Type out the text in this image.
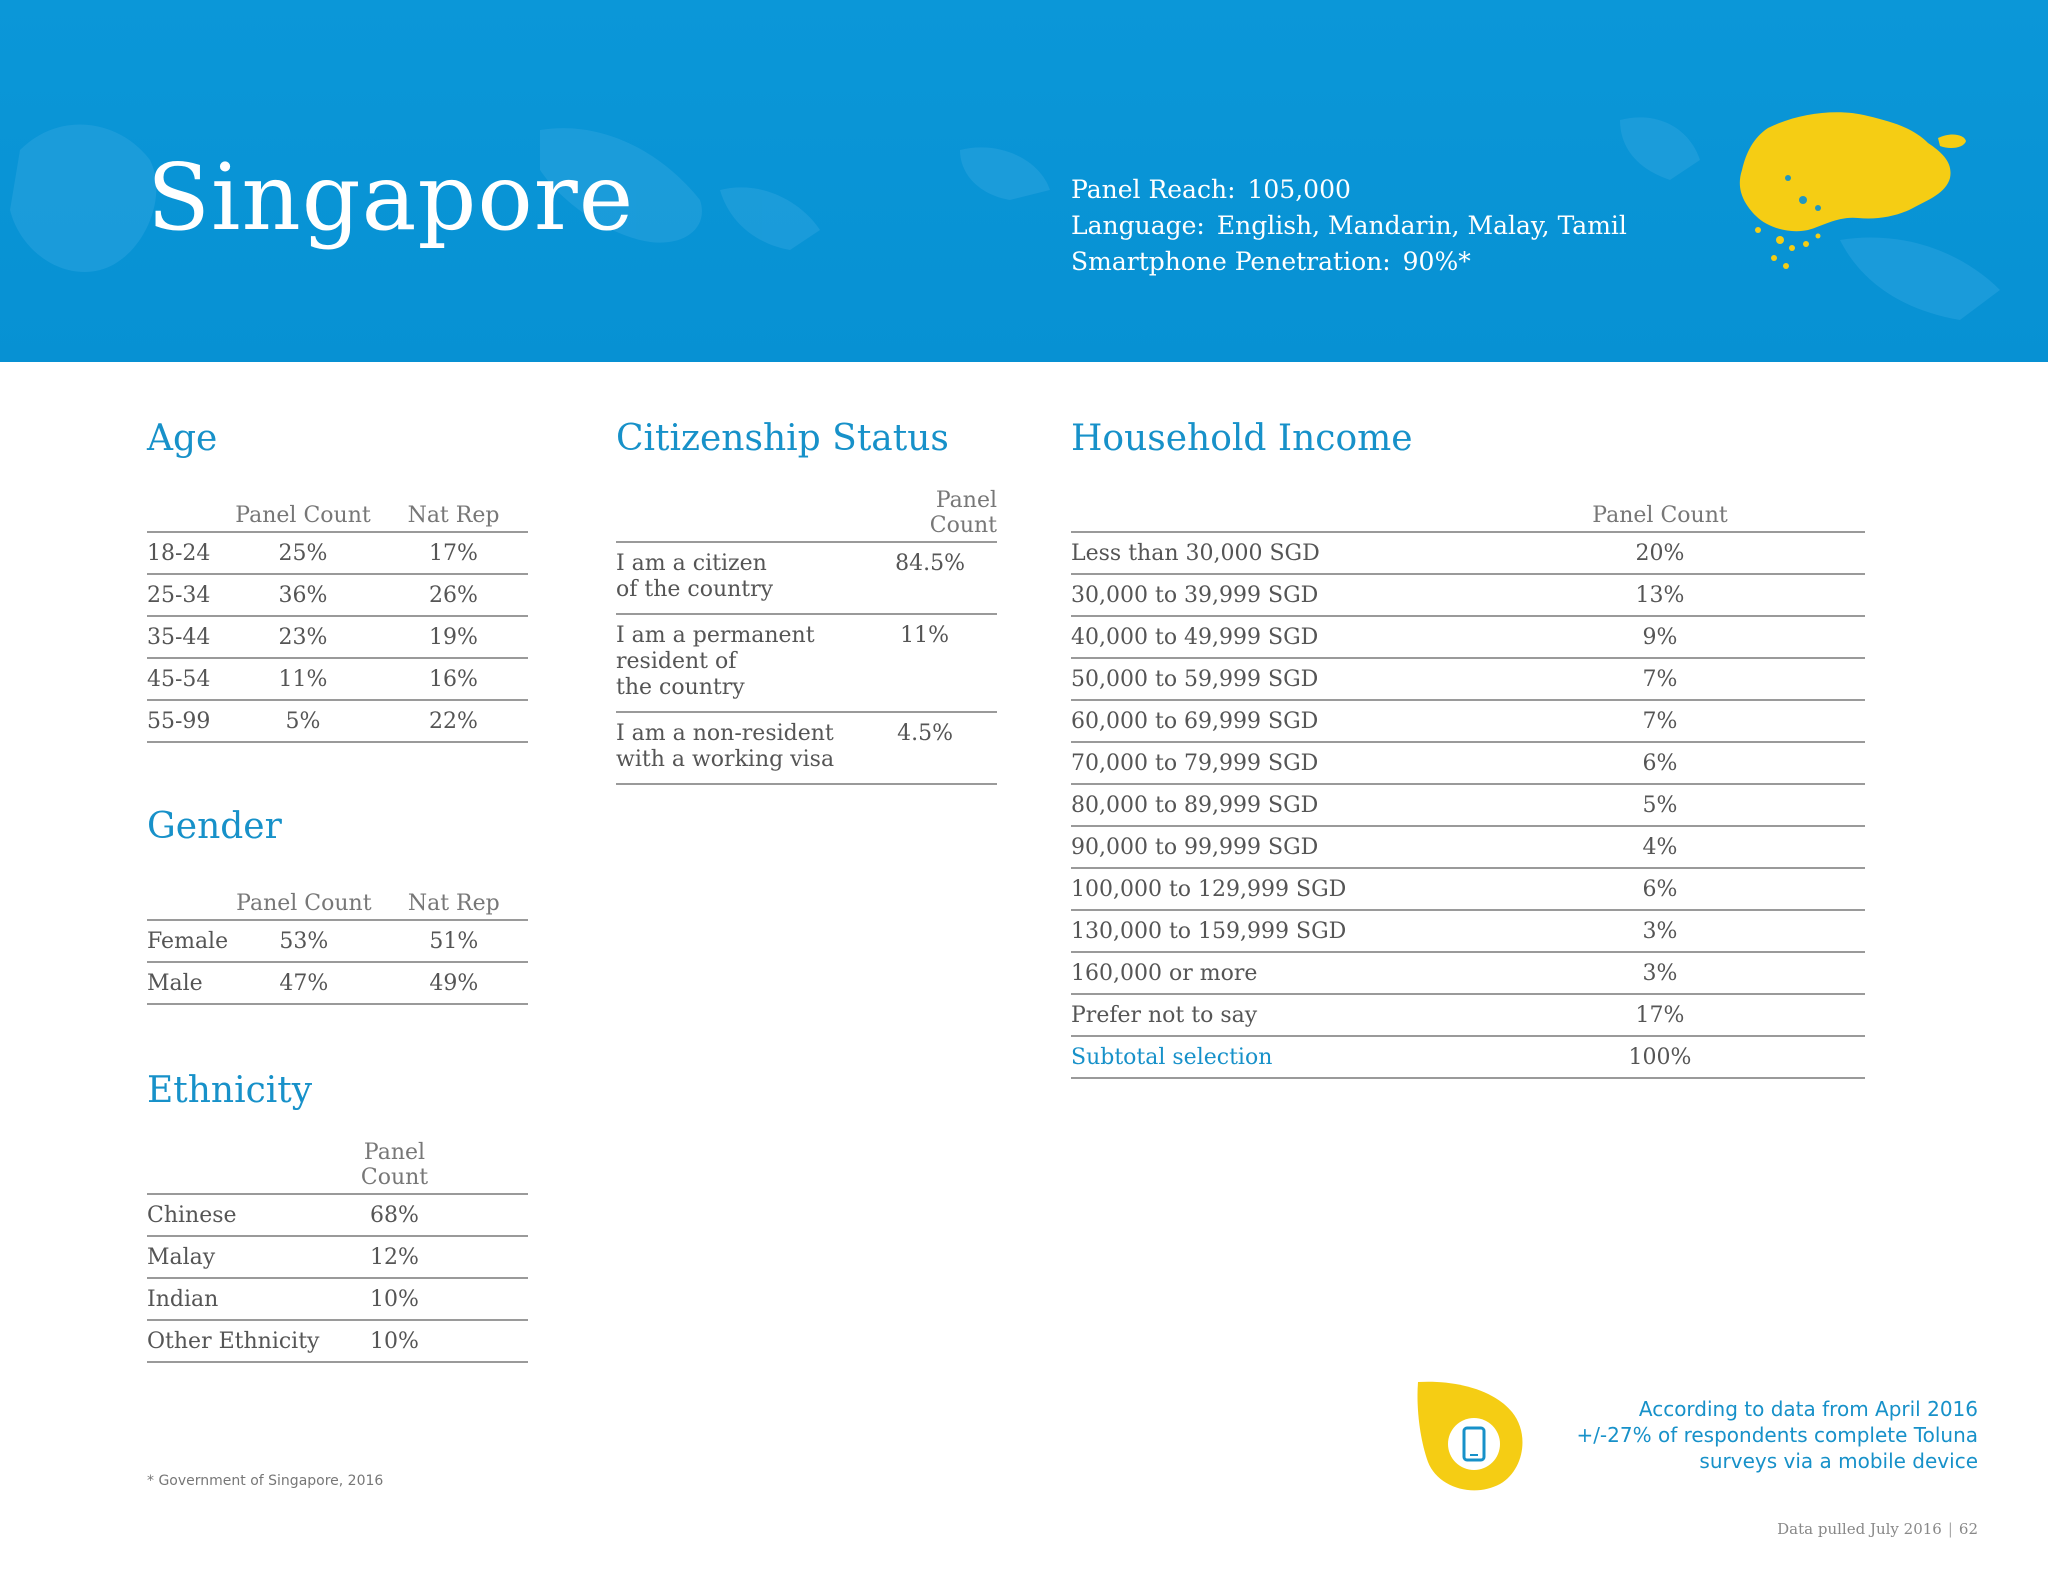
Singapore	Panel Reach: 105,000
Language: English, Mandarin, Malay, Tamil
Smartphone Penetration: 90%*
Age
	Panel Count	Nat Rep
18-24	25%	17%
25-34	36%	26%
35-44	23%	19%
45-54	11%	16%
55-99	5%	22%
Gender
	Panel Count	Nat Rep
Female	53%	51%
Male	47%	49%
Ethnicity
	Panel Count	
Chinese	68%	
Malay	12%	
Indian	10%	
Other Ethnicity	10%	
Citizenship Status
	Panel Count

I am a citizen
of the country	84.5%

I am a permanent
resident of
the country	11%

I am a non-resident
with a working visa	4.5%
Household Income
	Panel Count	
Less than 30,000 SGD	20%	
30,000 to 39,999 SGD	13%	
40,000 to 49,999 SGD	9%	
50,000 to 59,999 SGD	7%	
60,000 to 69,999 SGD	7%	
70,000 to 79,999 SGD	6%	
80,000 to 89,999 SGD	5%	
90,000 to 99,999 SGD	4%	
100,000 to 129,999 SGD	6%	
130,000 to 159,999 SGD	3%	
160,000 or more	3%	
Prefer not to say	17%	
Subtotal selection	100%	
* Government of Singapore, 2016
According to data from April 2016
+/-27% of respondents complete Toluna
surveys via a mobile device
Data pulled July 2016 | 62
